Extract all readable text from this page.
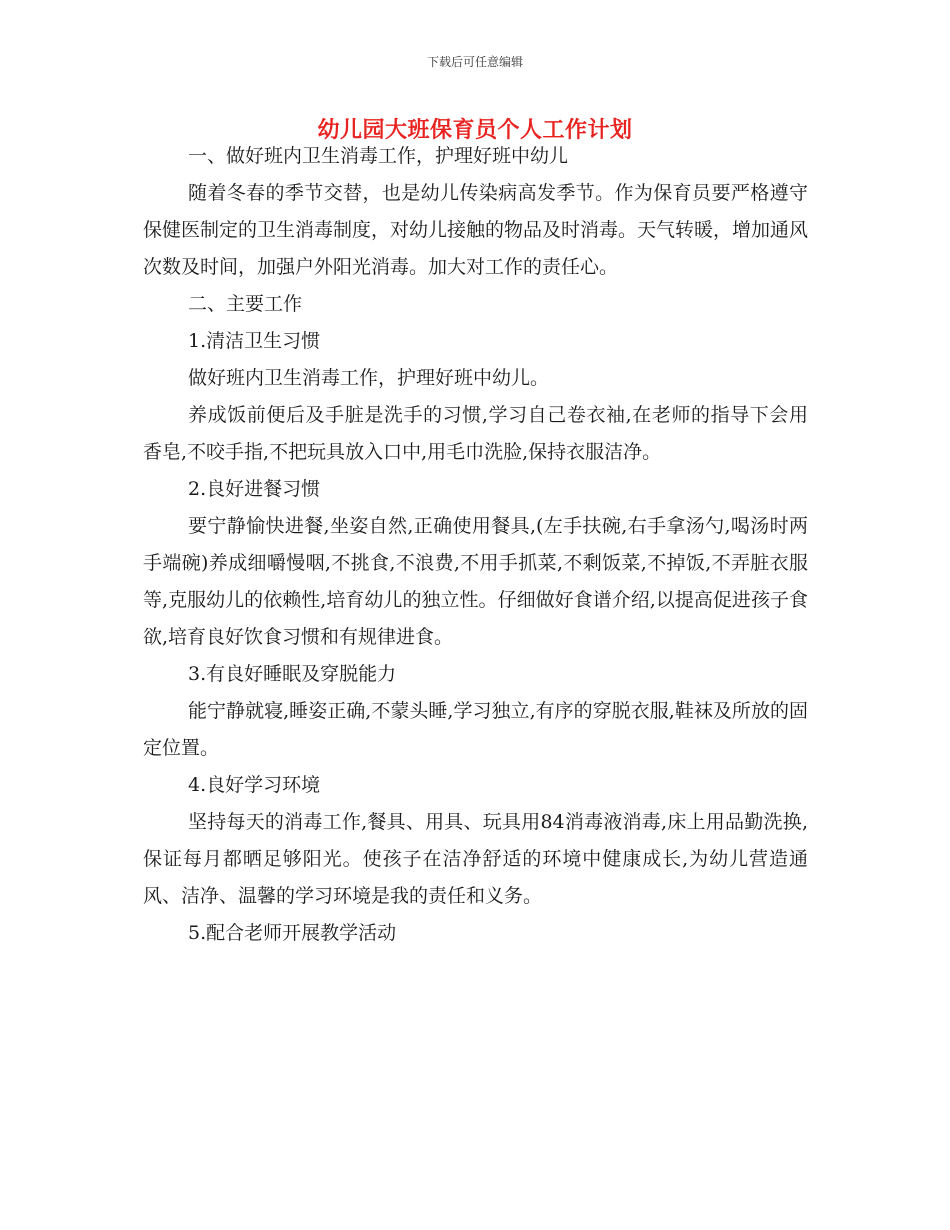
下载后可任意编辑
幼儿园大班保育员个人工作计划

一、做好班内卫生消毒工作，护理好班中幼儿

随着冬春的季节交替，也是幼儿传染病高发季节。作为保育员要严格遵守保健医制定的卫生消毒制度，对幼儿接触的物品及时消毒。天气转暖，增加通风次数及时间，加强户外阳光消毒。加大对工作的责任心。

二、主要工作

1.清洁卫生习惯

做好班内卫生消毒工作，护理好班中幼儿。

养成饭前便后及手脏是洗手的习惯,学习自己卷衣袖,在老师的指导下会用香皂,不咬手指,不把玩具放入口中,用毛巾洗脸,保持衣服洁净。

2.良好进餐习惯

要宁静愉快进餐,坐姿自然,正确使用餐具,(左手扶碗,右手拿汤勺,喝汤时两手端碗)养成细嚼慢咽,不挑食,不浪费,不用手抓菜,不剩饭菜,不掉饭,不弄脏衣服等,克服幼儿的依赖性,培育幼儿的独立性。仔细做好食谱介绍,以提高促进孩子食欲,培育良好饮食习惯和有规律进食。

3.有良好睡眠及穿脱能力

能宁静就寝,睡姿正确,不蒙头睡,学习独立,有序的穿脱衣服,鞋袜及所放的固定位置。

4.良好学习环境

坚持每天的消毒工作,餐具、用具、玩具用84消毒液消毒,床上用品勤洗换,保证每月都晒足够阳光。使孩子在洁净舒适的环境中健康成长,为幼儿营造通风、洁净、温馨的学习环境是我的责任和义务。

5.配合老师开展教学活动
